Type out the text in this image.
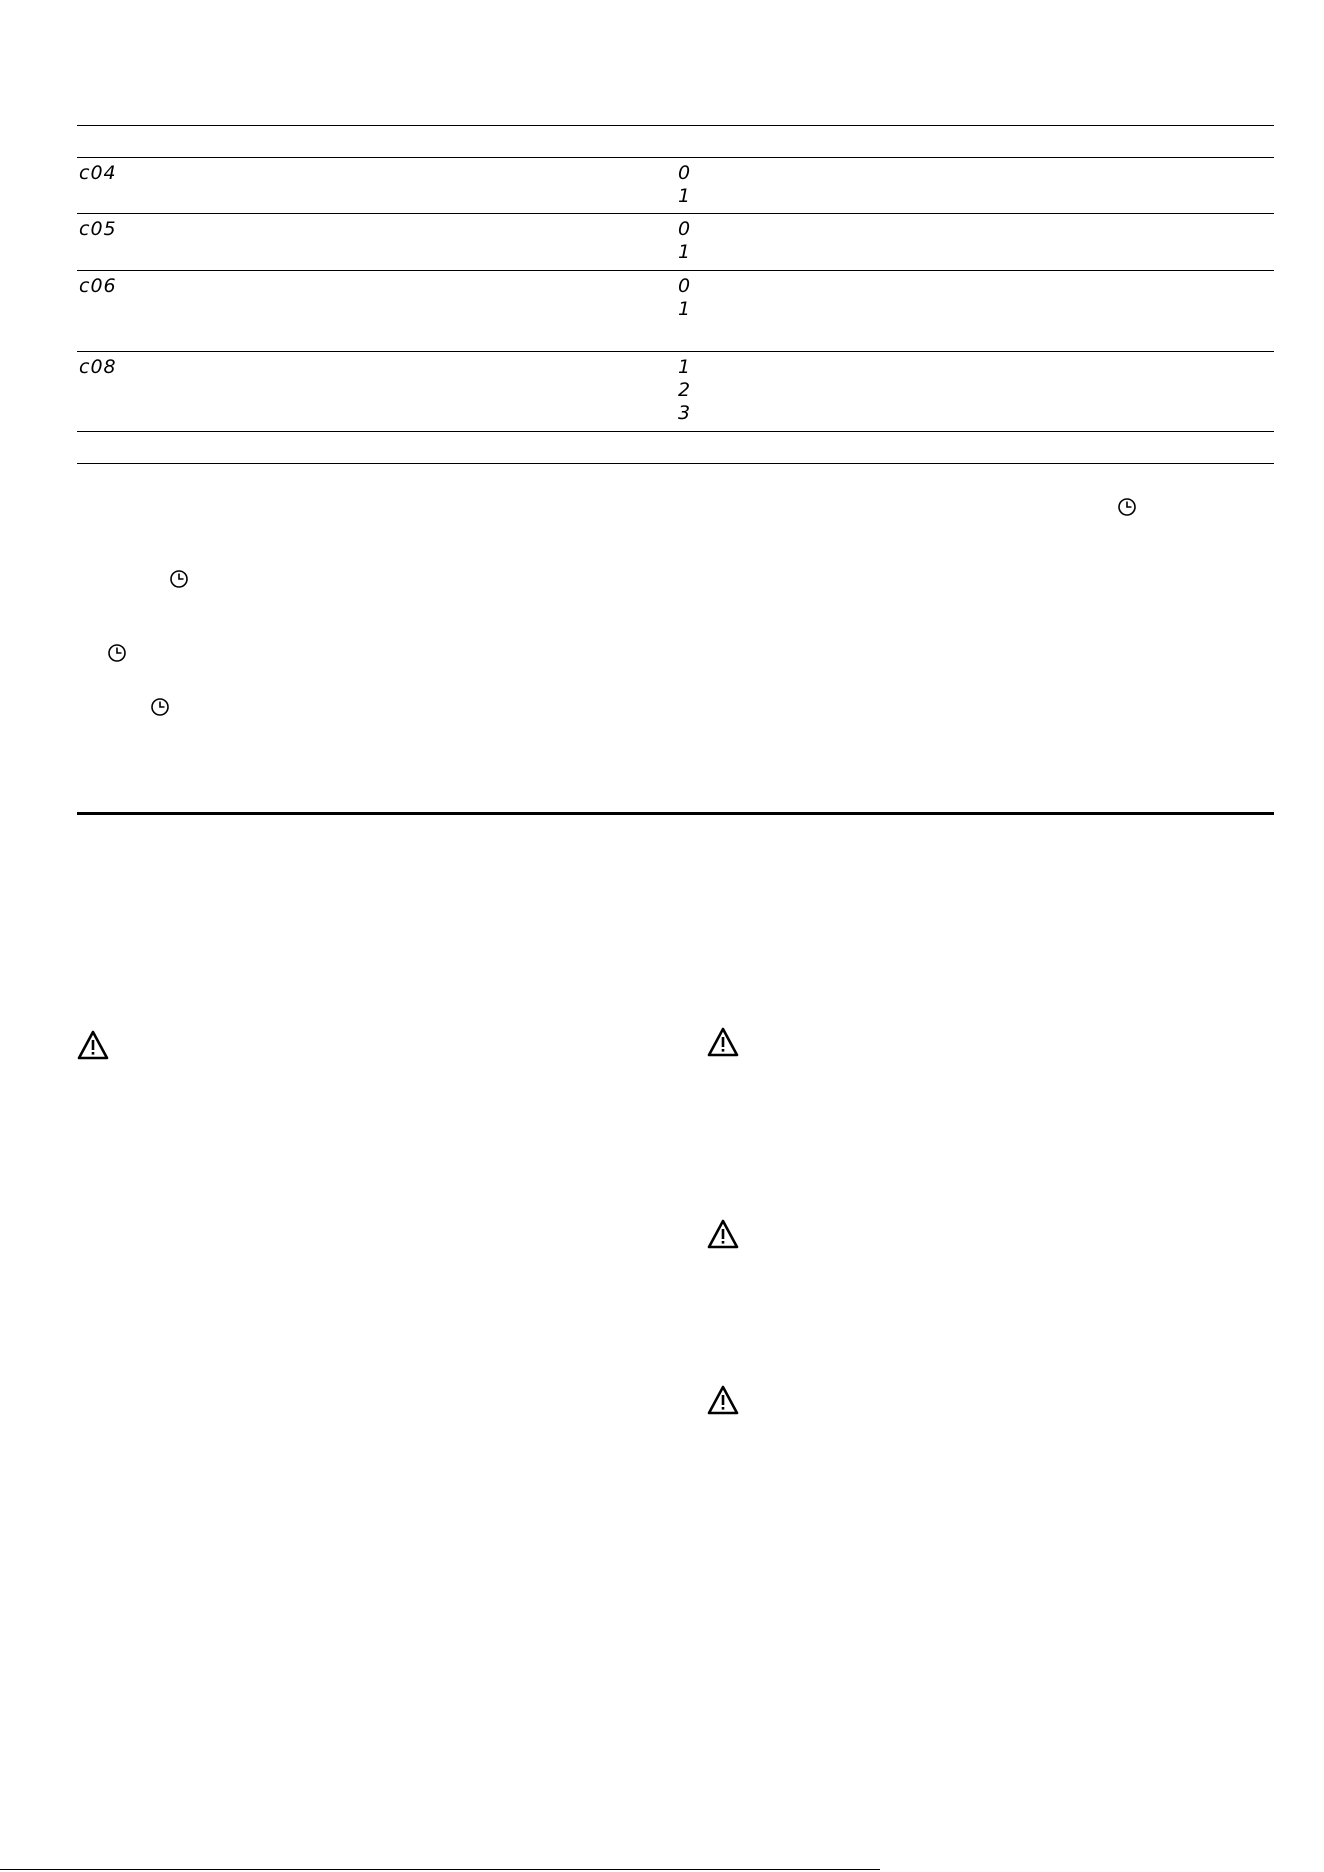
c04	0
1
c05	0
1
c06	0
1
c08	1
2
3
